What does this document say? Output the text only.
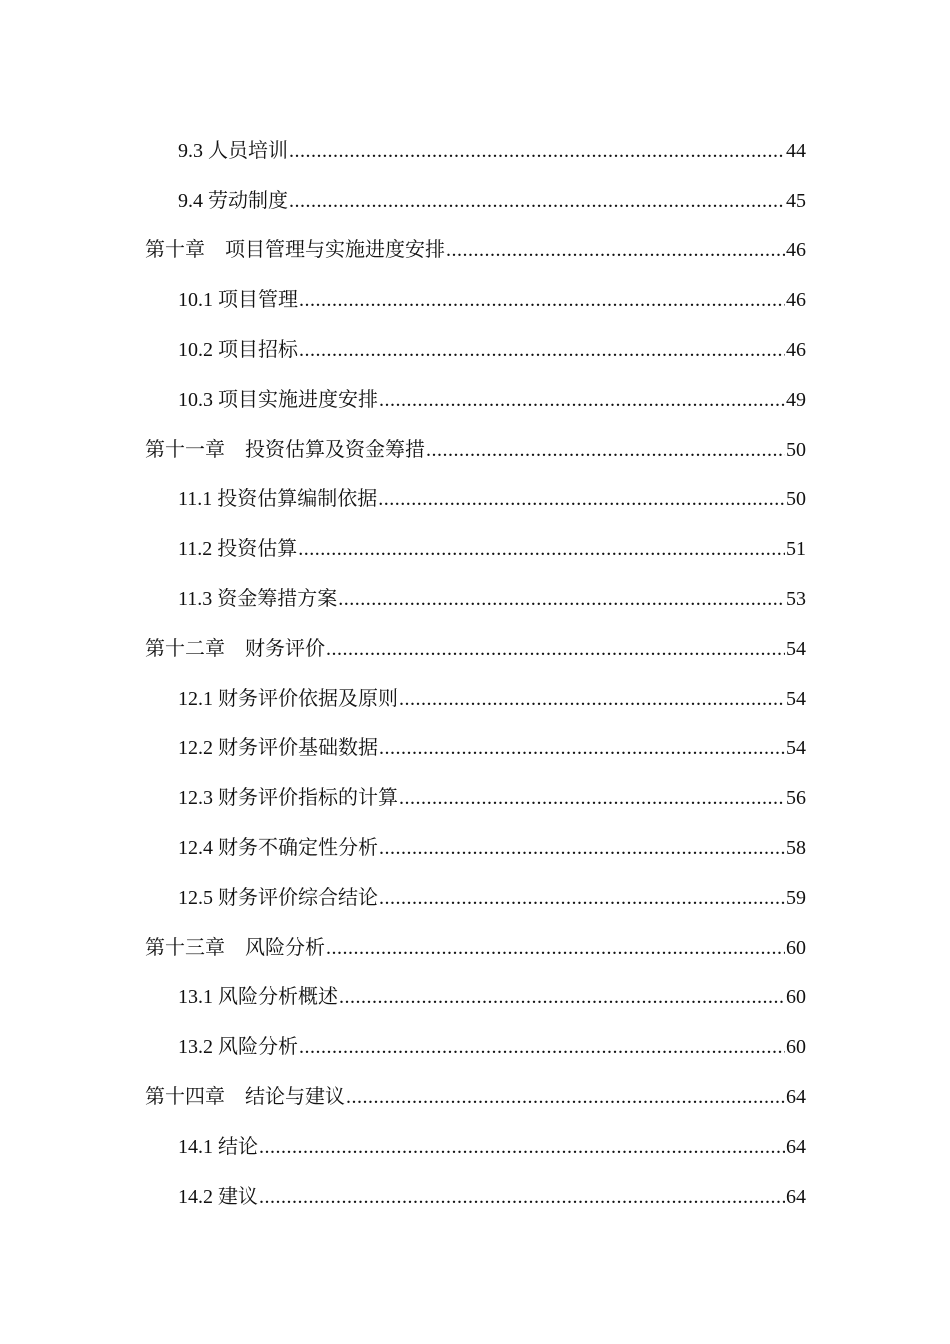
9.3 人员培训 .....	44
9.4 劳动制度 .....	45
第十章　项目管理与实施进度安排 .....	46
10.1 项目管理 .....	46
10.2 项目招标 .....	46
10.3 项目实施进度安排 .....	49
第十一章　投资估算及资金筹措 .....	50
11.1 投资估算编制依据 .....	50
11.2 投资估算 .....	51
11.3 资金筹措方案 .....	53
第十二章　财务评价 .....	54
12.1 财务评价依据及原则 .....	54
12.2 财务评价基础数据 .....	54
12.3 财务评价指标的计算 .....	56
12.4 财务不确定性分析 .....	58
12.5 财务评价综合结论 .....	59
第十三章　风险分析 .....	60
13.1 风险分析概述 .....	60
13.2 风险分析 .....	60
第十四章　结论与建议 .....	64
14.1 结论 .....	64
14.2 建议 .....	64
